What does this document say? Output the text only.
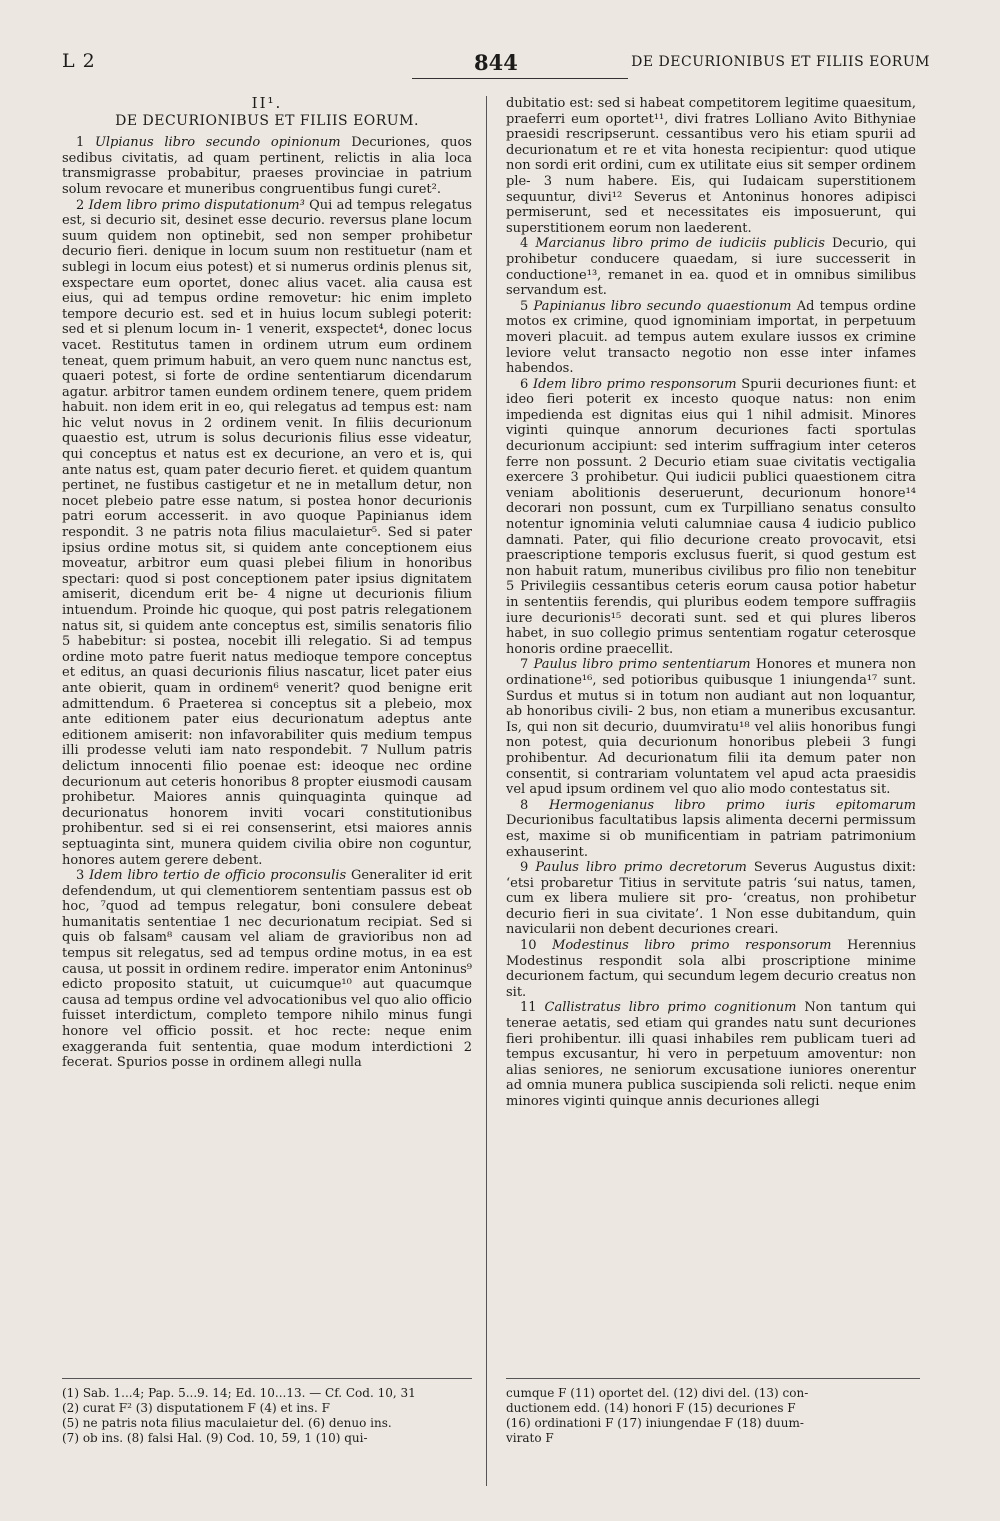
L 2	844	DE DECURIONIBUS ET FILIIS EORUM
II¹.
DE DECURIONIBUS ET FILIIS EORUM.

1 Ulpianus libro secundo opinionum Decuriones, quos sedibus civitatis, ad quam pertinent, relictis in alia loca transmigrasse probabitur, praeses provinciae in patrium solum revocare et muneribus congruentibus fungi curet².

2 Idem libro primo disputationum³ Qui ad tempus relegatus est, si decurio sit, desinet esse decurio. reversus plane locum suum quidem non optinebit, sed non semper prohibetur decurio fieri. denique in locum suum non restituetur (nam et sublegi in locum eius potest) et si numerus ordinis plenus sit, exspectare eum oportet, donec alius vacet. alia causa est eius, qui ad tempus ordine removetur: hic enim impleto tempore decurio est. sed et in huius locum sublegi poterit: sed et si plenum locum in- 1 venerit, exspectet⁴, donec locus vacet. Restitutus tamen in ordinem utrum eum ordinem teneat, quem primum habuit, an vero quem nunc nanctus est, quaeri potest, si forte de ordine sententiarum dicendarum agatur. arbitror tamen eundem ordinem tenere, quem pridem habuit. non idem erit in eo, qui relegatus ad tempus est: nam hic velut novus in 2 ordinem venit. In filiis decurionum quaestio est, utrum is solus decurionis filius esse videatur, qui conceptus et natus est ex decurione, an vero et is, qui ante natus est, quam pater decurio fieret. et quidem quantum pertinet, ne fustibus castigetur et ne in metallum detur, non nocet plebeio patre esse natum, si postea honor decurionis patri eorum accesserit. in avo quoque Papinianus idem respondit. 3 ne patris nota filius maculaietur⁵. Sed si pater ipsius ordine motus sit, si quidem ante conceptionem eius moveatur, arbitror eum quasi plebei filium in honoribus spectari: quod si post conceptionem pater ipsius dignitatem amiserit, dicendum erit be- 4 nigne ut decurionis filium intuendum. Proinde hic quoque, qui post patris relegationem natus sit, si quidem ante conceptus est, similis senatoris filio 5 habebitur: si postea, nocebit illi relegatio. Si ad tempus ordine moto patre fuerit natus medioque tempore conceptus et editus, an quasi decurionis filius nascatur, licet pater eius ante obierit, quam in ordinem⁶ venerit? quod benigne erit admittendum. 6 Praeterea si conceptus sit a plebeio, mox ante editionem pater eius decurionatum adeptus ante editionem amiserit: non infavorabiliter quis medium tempus illi prodesse veluti iam nato respondebit. 7 Nullum patris delictum innocenti filio poenae est: ideoque nec ordine decurionum aut ceteris honoribus 8 propter eiusmodi causam prohibetur. Maiores annis quinquaginta quinque ad decurionatus honorem inviti vocari constitutionibus prohibentur. sed si ei rei consenserint, etsi maiores annis septuaginta sint, munera quidem civilia obire non coguntur, honores autem gerere debent.

3 Idem libro tertio de officio proconsulis Generaliter id erit defendendum, ut qui clementiorem sententiam passus est ob hoc, ⁷quod ad tempus relegatur, boni consulere debeat humanitatis sententiae 1 nec decurionatum recipiat. Sed si quis ob falsam⁸ causam vel aliam de gravioribus non ad tempus sit relegatus, sed ad tempus ordine motus, in ea est causa, ut possit in ordinem redire. imperator enim Antoninus⁹ edicto proposito statuit, ut cuicumque¹⁰ aut quacumque causa ad tempus ordine vel advocationibus vel quo alio officio fuisset interdictum, completo tempore nihilo minus fungi honore vel officio possit. et hoc recte: neque enim exaggeranda fuit sententia, quae modum interdictioni 2 fecerat. Spurios posse in ordinem allegi nulla

dubitatio est: sed si habeat competitorem legitime quaesitum, praeferri eum oportet¹¹, divi fratres Lolliano Avito Bithyniae praesidi rescripserunt. cessantibus vero his etiam spurii ad decurionatum et re et vita honesta recipientur: quod utique non sordi erit ordini, cum ex utilitate eius sit semper ordinem ple- 3 num habere. Eis, qui Iudaicam superstitionem sequuntur, divi¹² Severus et Antoninus honores adipisci permiserunt, sed et necessitates eis imposuerunt, qui superstitionem eorum non laederent.

4 Marcianus libro primo de iudiciis publicis Decurio, qui prohibetur conducere quaedam, si iure successerit in conductione¹³, remanet in ea. quod et in omnibus similibus servandum est.

5 Papinianus libro secundo quaestionum Ad tempus ordine motos ex crimine, quod ignominiam importat, in perpetuum moveri placuit. ad tempus autem exulare iussos ex crimine leviore velut transacto negotio non esse inter infames habendos.

6 Idem libro primo responsorum Spurii decuriones fiunt: et ideo fieri poterit ex incesto quoque natus: non enim impedienda est dignitas eius qui 1 nihil admisit. Minores viginti quinque annorum decuriones facti sportulas decurionum accipiunt: sed interim suffragium inter ceteros ferre non possunt. 2 Decurio etiam suae civitatis vectigalia exercere 3 prohibetur. Qui iudicii publici quaestionem citra veniam abolitionis deseruerunt, decurionum honore¹⁴ decorari non possunt, cum ex Turpilliano senatus consulto notentur ignominia veluti calumniae causa 4 iudicio publico damnati. Pater, qui filio decurione creato provocavit, etsi praescriptione temporis exclusus fuerit, si quod gestum est non habuit ratum, muneribus civilibus pro filio non tenebitur 5 Privilegiis cessantibus ceteris eorum causa potior habetur in sententiis ferendis, qui pluribus eodem tempore suffragiis iure decurionis¹⁵ decorati sunt. sed et qui plures liberos habet, in suo collegio primus sententiam rogatur ceterosque honoris ordine praecellit.

7 Paulus libro primo sententiarum Honores et munera non ordinatione¹⁶, sed potioribus quibusque 1 iniungenda¹⁷ sunt. Surdus et mutus si in totum non audiant aut non loquantur, ab honoribus civili- 2 bus, non etiam a muneribus excusantur. Is, qui non sit decurio, duumviratu¹⁸ vel aliis honoribus fungi non potest, quia decurionum honoribus plebeii 3 fungi prohibentur. Ad decurionatum filii ita demum pater non consentit, si contrariam voluntatem vel apud acta praesidis vel apud ipsum ordinem vel quo alio modo contestatus sit.

8 Hermogenianus libro primo iuris epitomarum Decurionibus facultatibus lapsis alimenta decerni permissum est, maxime si ob munificentiam in patriam patrimonium exhauserint.

9 Paulus libro primo decretorum Severus Augustus dixit: ‘etsi probaretur Titius in servitute patris ‘sui natus, tamen, cum ex libera muliere sit pro- ‘creatus, non prohibetur decurio fieri in sua civitate’. 1 Non esse dubitandum, quin navicularii non debent decuriones creari.

10 Modestinus libro primo responsorum Herennius Modestinus respondit sola albi proscriptione minime decurionem factum, qui secundum legem decurio creatus non sit.

11 Callistratus libro primo cognitionum Non tantum qui tenerae aetatis, sed etiam qui grandes natu sunt decuriones fieri prohibentur. illi quasi inhabiles rem publicam tueri ad tempus excusantur, hi vero in perpetuum amoventur: non alias seniores, ne seniorum excusatione iuniores onerentur ad omnia munera publica suscipienda soli relicti. neque enim minores viginti quinque annis decuriones allegi

(1) Sab. 1...4; Pap. 5...9. 14; Ed. 10...13. — Cf. Cod. 10, 31
(2) curat F² (3) disputationem F (4) et ins. F
(5) ne patris nota filius maculaietur del. (6) denuo ins.
(7) ob ins. (8) falsi Hal. (9) Cod. 10, 59, 1 (10) qui-
cumque F (11) oportet del. (12) divi del. (13) con-
ductionem edd. (14) honori F (15) decuriones F
(16) ordinationi F (17) iniungendae F (18) duum-
virato F
